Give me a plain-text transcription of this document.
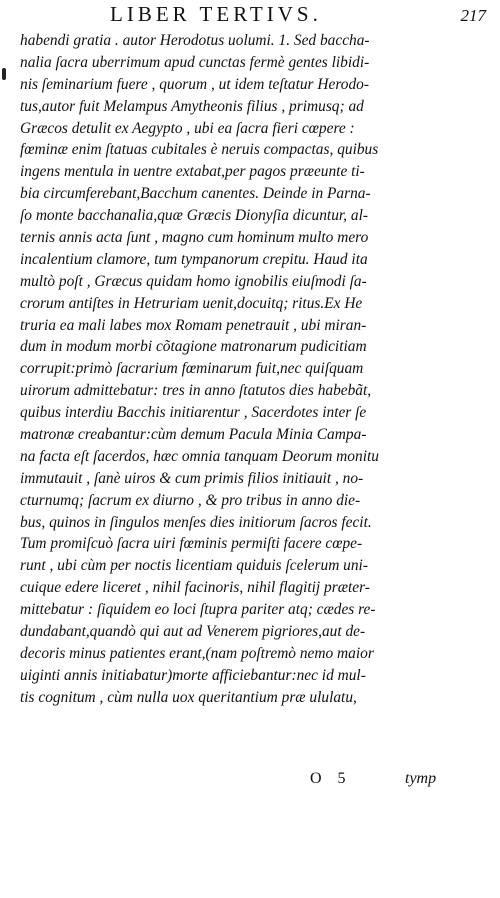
LIBER TERTIVS.	217
habendi gratia . autor Herodotus uolumi. 1. Sed baccha-
nalia ſacra uberrimum apud cunctas fermè gentes libidi-
nis ſeminarium fuere , quorum , ut idem teſtatur Herodo-
tus,autor fuit Melampus Amytheonis filius , primusq; ad
Græcos detulit ex Aegypto , ubi ea ſacra fieri cœpere :
fœminæ enim ſtatuas cubitales è neruis compactas, quibus
ingens mentula in uentre extabat,per pagos præeunte ti-
bia circumferebant,Bacchum canentes. Deinde in Parna-
ſo monte bacchanalia,quæ Græcis Dionyſia dicuntur, al-
ternis annis acta ſunt , magno cum hominum multo mero
incalentium clamore, tum tympanorum crepitu. Haud ita
multò poſt , Græcus quidam homo ignobilis eiuſmodi ſa-
crorum antiſtes in Hetruriam uenit,docuitq; ritus.Ex He
truria ea mali labes mox Romam penetrauit , ubi miran-
dum in modum morbi cõtagione matronarum pudicitiam
corrupit:primò ſacrarium fœminarum fuit,nec quiſquam
uirorum admittebatur: tres in anno ſtatutos dies habebãt,
quibus interdiu Bacchis initiarentur , Sacerdotes inter ſe
matronæ creabantur:cùm demum Pacula Minia Campa-
na facta eſt ſacerdos, hæc omnia tanquam Deorum monitu
immutauit , ſanè uiros & cum primis filios initiauit , no-
cturnumq; ſacrum ex diurno , & pro tribus in anno die-
bus, quinos in ſingulos menſes dies initiorum ſacros fecit.
Tum promiſcuò ſacra uiri fœminis permiſti facere cœpe-
runt , ubi cùm per noctis licentiam quiduis ſcelerum uni-
cuique edere liceret , nihil facinoris, nihil flagitij præter-
mittebatur : ſiquidem eo loci ſtupra pariter atq; cædes re-
dundabant,quandò qui aut ad Venerem pigriores,aut de-
decoris minus patientes erant,(nam poſtremò nemo maior
uiginti annis initiabatur)morte afficiebantur:nec id mul-
tis cognitum , cùm nulla uox queritantium præ ululatu,
O 5	tymp
